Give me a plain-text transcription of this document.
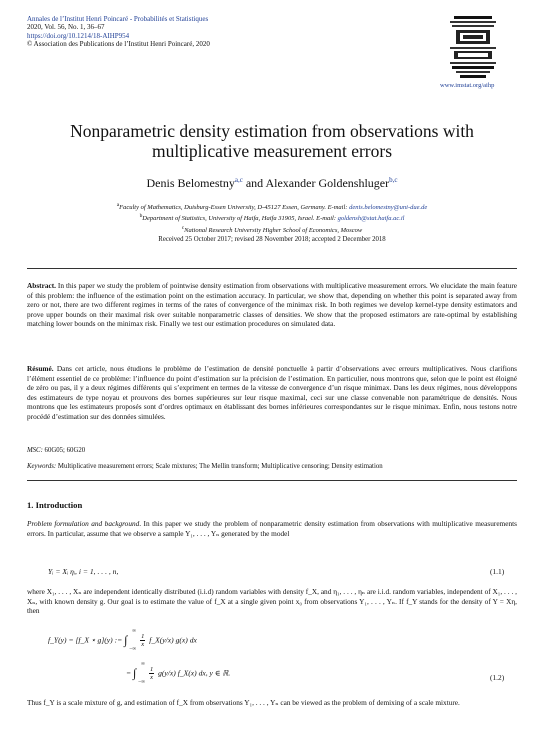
Annales de l’Institut Henri Poincaré - Probabilités et Statistiques
2020, Vol. 56, No. 1, 36–67
https://doi.org/10.1214/18-AIHP954
© Association des Publications de l’Institut Henri Poincaré, 2020
www.imstat.org/aihp
Nonparametric density estimation from observations with
multiplicative measurement errors
Denis Belomestny$^{a,c}$ and Alexander Goldenshluger$^{b,c}$
$^a$Faculty of Mathematics, Duisburg-Essen University, D-45127 Essen, Germany. E-mail: denis.belomestny@uni-due.de
$^b$Department of Statistics, University of Haifa, Haifa 31905, Israel. E-mail: goldensh@stat.haifa.ac.il
$^c$National Research University Higher School of Economics, Moscow
Received 25 October 2017; revised 28 November 2018; accepted 2 December 2018
Abstract. In this paper we study the problem of pointwise density estimation from observations with multiplicative measurement errors. We elucidate the main feature of this problem: the influence of the estimation point on the estimation accuracy. In particular, we show that, depending on whether this point is separated away from zero or not, there are two different regimes in terms of the rates of convergence of the minimax risk. In both regimes we develop kernel-type density estimators and prove upper bounds on their maximal risk over suitable nonparametric classes of densities. We show that the proposed estimators are rate-optimal by establishing matching lower bounds on the minimax risk. Finally we test our estimation procedures on simulated data.
Résumé. Dans cet article, nous étudions le problème de l’estimation de densité ponctuelle à partir d’observations avec erreurs multiplicatives. Nous clarifions l’élément essentiel de ce problème: l’influence du point d’estimation sur la précision de l’estimation. En particulier, nous montrons que, selon que le point est éloigné de zéro ou pas, il y a deux régimes différents qui s’expriment en termes de la vitesse de convergence d’un risque minimax. Dans les deux régimes, nous développons des estimateurs de type noyau et prouvons des bornes supérieures sur leur risque maximal, ceci sur une classe convenable non paramétrique de densités. Nous montrons que les estimateurs proposés sont d’ordres optimaux en établissant des bornes inférieures correspondantes sur le risque minimax. Enfin, nous testons notre procédé d’estimation sur des données simulées.
MSC: 60G05; 60G20
Keywords: Multiplicative measurement errors; Scale mixtures; The Mellin transform; Multiplicative censoring; Density estimation
1. Introduction
Problem formulation and background. In this paper we study the problem of nonparametric density estimation from observations with multiplicative measurements errors. In particular, assume that we observe a sample Y₁, . . . , Yₙ generated by the model
Yᵢ = Xᵢ ηᵢ, i = 1, . . . , n,	(1.1)
where X₁, . . . , Xₙ are independent identically distributed (i.i.d) random variables with density f_X, and η₁, . . . , ηₙ are i.i.d. random variables, independent of X₁, . . . , Xₙ, with known density g. Our goal is to estimate the value of f_X at a single given point x₀ from observations Y₁, . . . , Yₙ. If f_Y stands for the density of Y = Xη, then
f_Y(y) = [f_X ⋆ g](y) := ∫
∞
−∞

$\frac{1}{x}$ f_X(y/x) g(x) dx
= ∫
∞
−∞

$\frac{1}{x} g(y/x)$ f_X(x) dx, y ∈ ℝ.
(1.2)
Thus f_Y is a scale mixture of g, and estimation of f_X from observations Y₁, . . . , Yₙ can be viewed as the problem of demixing of a scale mixture.
